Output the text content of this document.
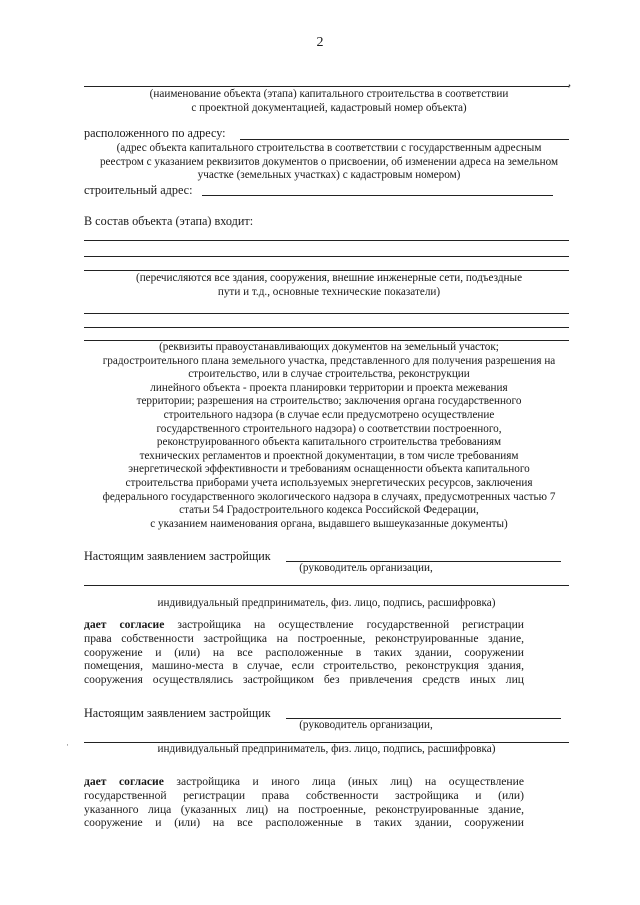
2
,
(наименование объекта (этапа) капитального строительства в соответствии
с проектной документацией, кадастровый номер объекта)
расположенного по адресу:
(адрес объекта капитального строительства в соответствии с государственным адресным
реестром с указанием реквизитов документов о присвоении, об изменении адреса на земельном
участке (земельных участках) с кадастровым номером)
строительный адрес:
В состав объекта (этапа) входит:
(перечисляются все здания, сооружения, внешние инженерные сети, подъездные
пути и т.д., основные технические показатели)
(реквизиты правоустанавливающих документов на земельный участок;
градостроительного плана земельного участка, представленного для получения разрешения на
строительство, или в случае строительства, реконструкции
линейного объекта - проекта планировки территории и проекта межевания
территории; разрешения на строительство; заключения органа государственного
строительного надзора (в случае если предусмотрено осуществление
государственного строительного надзора) о соответствии построенного,
реконструированного объекта капитального строительства требованиям
технических регламентов и проектной документации, в том числе требованиям
энергетической эффективности и требованиям оснащенности объекта капитального
строительства приборами учета используемых энергетических ресурсов, заключения
федерального государственного экологического надзора в случаях, предусмотренных частью 7
статьи 54 Градостроительного кодекса Российской Федерации,
с указанием наименования органа, выдавшего вышеуказанные документы)
Настоящим заявлением застройщик
(руководитель организации,
индивидуальный предприниматель, физ. лицо, подпись, расшифровка)
дает согласие застройщика на осуществление государственной регистрации
права собственности застройщика на построенные, реконструированные здание,
сооружение и (или) на все расположенные в таких здании, сооружении
помещения, машино-места в случае, если строительство, реконструкция здания,
сооружения осуществлялись застройщиком без привлечения средств иных лиц
Настоящим заявлением застройщик
(руководитель организации,
индивидуальный предприниматель, физ. лицо, подпись, расшифровка)
дает согласие застройщика и иного лица (иных лиц) на осуществление
государственной регистрации права собственности застройщика и (или)
указанного лица (указанных лиц) на построенные, реконструированные здание,
сооружение и (или) на все расположенные в таких здании, сооружении
·
